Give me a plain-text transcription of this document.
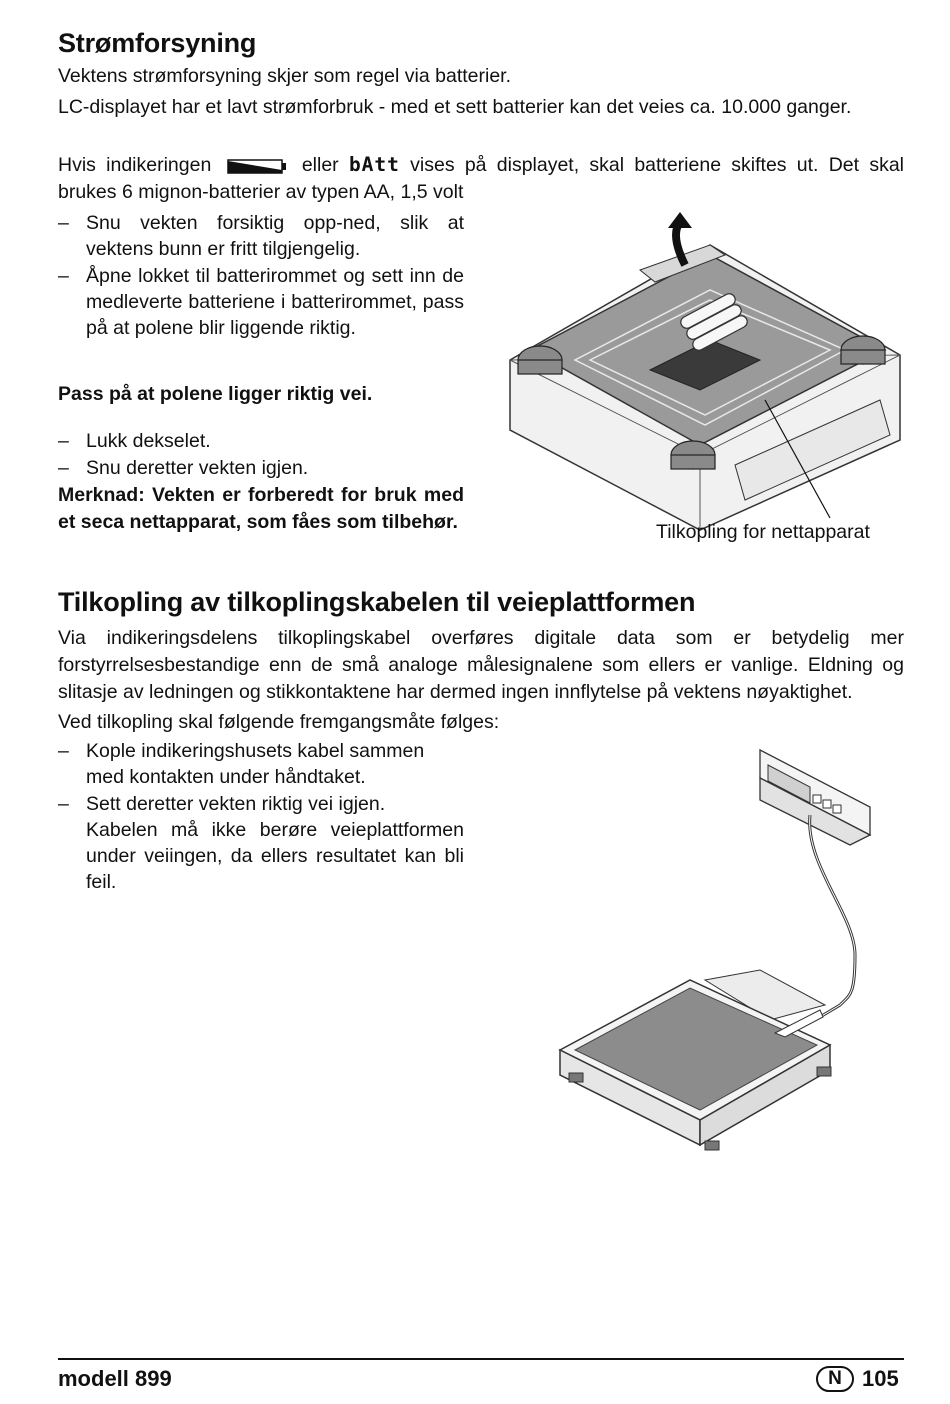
Strømforsyning

Vektens strømforsyning skjer som regel via batterier.

LC-displayet har et lavt strømforbruk - med et sett batterier kan det veies ca. 10.000 ganger.

Hvis indikeringen	eller bAtt vises på displayet, skal batteriene skiftes ut. Det skal brukes 6 mignon-batterier av typen AA, 1,5 volt

– Snu vekten forsiktig opp-ned, slik at vektens bunn er fritt tilgjengelig.
– Åpne lokket til batterirommet og sett inn de medleverte batteriene i batterirommet, pass på at polene blir liggende riktig.

Pass på at polene ligger riktig vei.

– Lukk dekselet.
– Snu deretter vekten igjen.

Merknad: Vekten er forberedt for bruk med et seca nettapparat, som fåes som tilbehør.	Tilkopling for nettapparat

Tilkopling av tilkoplingskabelen til veieplattformen

Via indikeringsdelens tilkoplingskabel overføres digitale data som er betydelig mer forstyrrelsesbestandige enn de små analoge målesignalene som ellers er vanlige. Eldning og slitasje av ledningen og stikkontaktene har dermed ingen innflytelse på vektens nøyaktighet.

Ved tilkopling skal følgende fremgangsmåte følges:

– Kople indikeringshusets kabel sammen med kontakten under håndtaket.
– Sett deretter vekten riktig vei igjen.
Kabelen må ikke berøre veieplattformen under veiingen, da ellers resultatet kan bli feil.
modell 899	N 105
